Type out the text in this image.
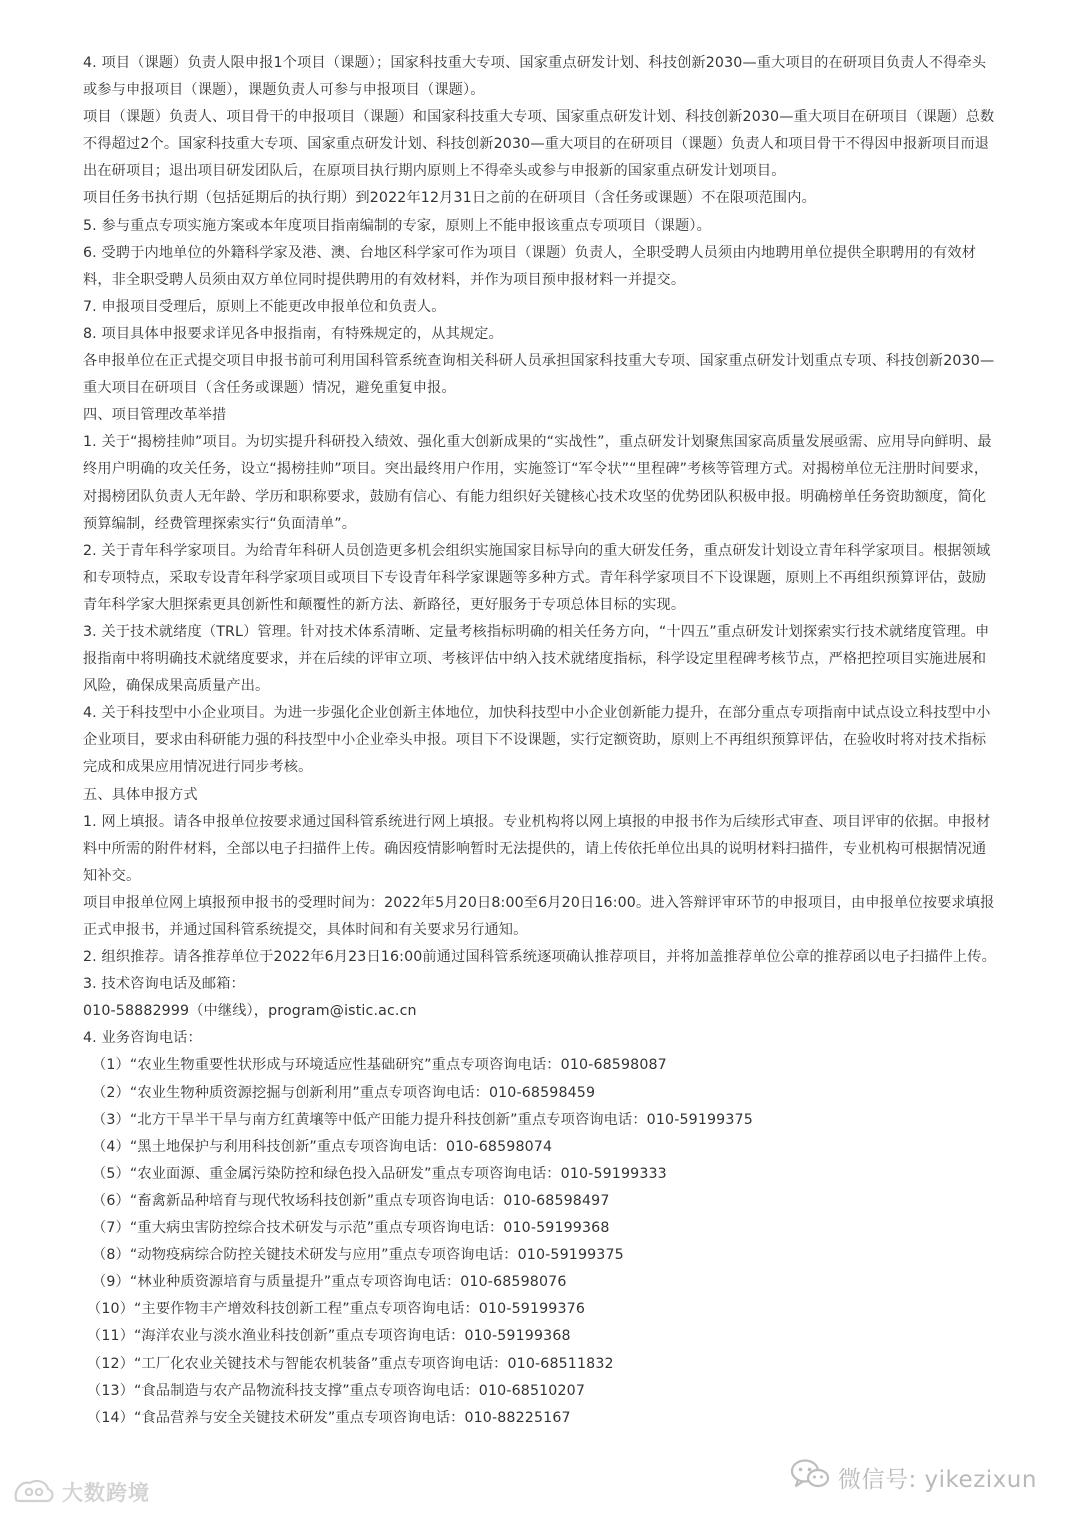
4. 项目（课题）负责人限申报1个项目（课题）；国家科技重大专项、国家重点研发计划、科技创新2030—重大项目的在研项目负责人不得牵头或参与申报项目（课题），课题负责人可参与申报项目（课题）。

项目（课题）负责人、项目骨干的申报项目（课题）和国家科技重大专项、国家重点研发计划、科技创新2030—重大项目在研项目（课题）总数不得超过2个。国家科技重大专项、国家重点研发计划、科技创新2030—重大项目的在研项目（课题）负责人和项目骨干不得因申报新项目而退出在研项目；退出项目研发团队后，在原项目执行期内原则上不得牵头或参与申报新的国家重点研发计划项目。

项目任务书执行期（包括延期后的执行期）到2022年12月31日之前的在研项目（含任务或课题）不在限项范围内。

5. 参与重点专项实施方案或本年度项目指南编制的专家，原则上不能申报该重点专项项目（课题）。

6. 受聘于内地单位的外籍科学家及港、澳、台地区科学家可作为项目（课题）负责人，全职受聘人员须由内地聘用单位提供全职聘用的有效材料，非全职受聘人员须由双方单位同时提供聘用的有效材料，并作为项目预申报材料一并提交。

7. 申报项目受理后，原则上不能更改申报单位和负责人。

8. 项目具体申报要求详见各申报指南，有特殊规定的，从其规定。

各申报单位在正式提交项目申报书前可利用国科管系统查询相关科研人员承担国家科技重大专项、国家重点研发计划重点专项、科技创新2030—重大项目在研项目（含任务或课题）情况，避免重复申报。

四、项目管理改革举措

1. 关于“揭榜挂帅”项目。为切实提升科研投入绩效、强化重大创新成果的“实战性”，重点研发计划聚焦国家高质量发展亟需、应用导向鲜明、最终用户明确的攻关任务，设立“揭榜挂帅”项目。突出最终用户作用，实施签订“军令状”“里程碑”考核等管理方式。对揭榜单位无注册时间要求，对揭榜团队负责人无年龄、学历和职称要求，鼓励有信心、有能力组织好关键核心技术攻坚的优势团队积极申报。明确榜单任务资助额度，简化预算编制，经费管理探索实行“负面清单”。

2. 关于青年科学家项目。为给青年科研人员创造更多机会组织实施国家目标导向的重大研发任务，重点研发计划设立青年科学家项目。根据领域和专项特点，采取专设青年科学家项目或项目下专设青年科学家课题等多种方式。青年科学家项目不下设课题，原则上不再组织预算评估，鼓励青年科学家大胆探索更具创新性和颠覆性的新方法、新路径，更好服务于专项总体目标的实现。

3. 关于技术就绪度（TRL）管理。针对技术体系清晰、定量考核指标明确的相关任务方向，“十四五”重点研发计划探索实行技术就绪度管理。申报指南中将明确技术就绪度要求，并在后续的评审立项、考核评估中纳入技术就绪度指标，科学设定里程碑考核节点，严格把控项目实施进展和风险，确保成果高质量产出。

4. 关于科技型中小企业项目。为进一步强化企业创新主体地位，加快科技型中小企业创新能力提升，在部分重点专项指南中试点设立科技型中小企业项目，要求由科研能力强的科技型中小企业牵头申报。项目下不设课题，实行定额资助，原则上不再组织预算评估，在验收时将对技术指标完成和成果应用情况进行同步考核。

五、具体申报方式

1. 网上填报。请各申报单位按要求通过国科管系统进行网上填报。专业机构将以网上填报的申报书作为后续形式审查、项目评审的依据。申报材料中所需的附件材料，全部以电子扫描件上传。确因疫情影响暂时无法提供的，请上传依托单位出具的说明材料扫描件，专业机构可根据情况通知补交。

项目申报单位网上填报预申报书的受理时间为：2022年5月20日8:00至6月20日16:00。进入答辩评审环节的申报项目，由申报单位按要求填报正式申报书，并通过国科管系统提交，具体时间和有关要求另行通知。

2. 组织推荐。请各推荐单位于2022年6月23日16:00前通过国科管系统逐项确认推荐项目，并将加盖推荐单位公章的推荐函以电子扫描件上传。

3. 技术咨询电话及邮箱：

010-58882999（中继线），program@istic.ac.cn

4. 业务咨询电话：

（1）“农业生物重要性状形成与环境适应性基础研究”重点专项咨询电话：010-68598087

（2）“农业生物种质资源挖掘与创新利用”重点专项咨询电话：010-68598459

（3）“北方干旱半干旱与南方红黄壤等中低产田能力提升科技创新”重点专项咨询电话：010-59199375

（4）“黑土地保护与利用科技创新”重点专项咨询电话：010-68598074

（5）“农业面源、重金属污染防控和绿色投入品研发”重点专项咨询电话：010-59199333

（6）“畜禽新品种培育与现代牧场科技创新”重点专项咨询电话：010-68598497

（7）“重大病虫害防控综合技术研发与示范”重点专项咨询电话：010-59199368

（8）“动物疫病综合防控关键技术研发与应用”重点专项咨询电话：010-59199375

（9）“林业种质资源培育与质量提升”重点专项咨询电话：010-68598076

（10）“主要作物丰产增效科技创新工程”重点专项咨询电话：010-59199376

（11）“海洋农业与淡水渔业科技创新”重点专项咨询电话：010-59199368

（12）“工厂化农业关键技术与智能农机装备”重点专项咨询电话：010-68511832

（13）“食品制造与农产品物流科技支撑”重点专项咨询电话：010-68510207

（14）“食品营养与安全关键技术研发”重点专项咨询电话：010-88225167

微信号: yikezixun
大数跨境
